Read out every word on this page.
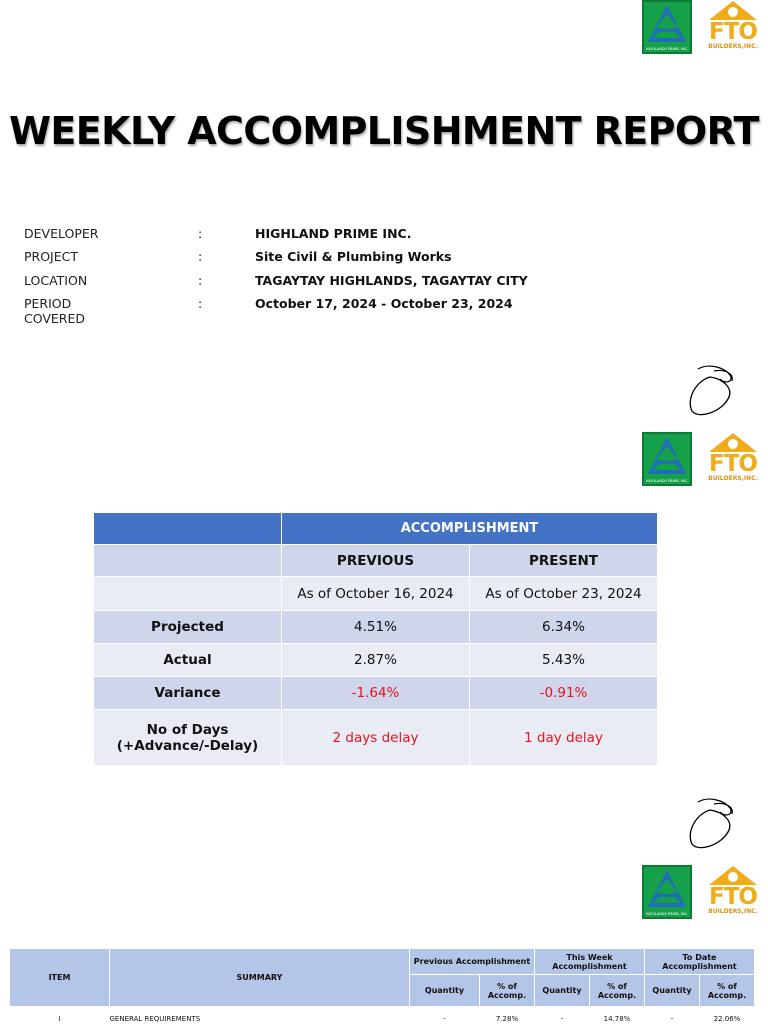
HIGHLANDS PRIME, INC.
FTO
BUILDERS,INC.
WEEKLY ACCOMPLISHMENT REPORT
DEVELOPER	:	HIGHLAND PRIME INC.
PROJECT	:	Site Civil & Plumbing Works
LOCATION	:	TAGAYTAY HIGHLANDS, TAGAYTAY CITY
PERIOD COVERED
:	October 17, 2024 - October 23, 2024
HIGHLANDS PRIME, INC.
FTO
BUILDERS,INC.
	ACCOMPLISHMENT	
	PREVIOUS	PRESENT
	As of October 16, 2024	As of October 23, 2024
Projected	4.51%	6.34%
Actual	2.87%	5.43%
Variance	-1.64%	-0.91%

No of Days
(+Advance/-Delay)	2 days delay	1 day delay
HIGHLANDS PRIME, INC.
FTO
BUILDERS,INC.
ITEM	SUMMARY	Previous Accomplishment		This Week Accomplishment		To Date Accomplishment	
		Quantity	% of Accomp.	Quantity	% of Accomp.	Quantity	% of Accomp.
I	GENERAL REQUIREMENTS	-	7.28%	-	14.78%	-	22.06%
